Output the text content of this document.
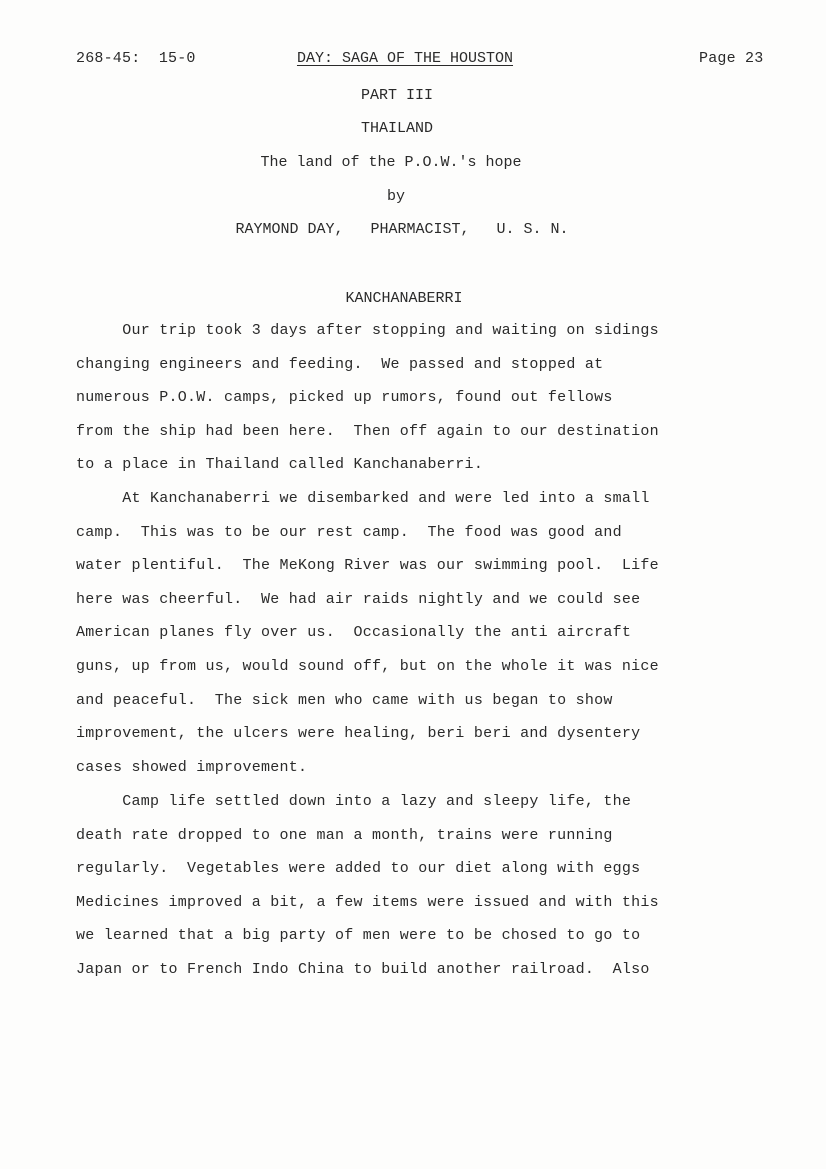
268-45:  15-0	DAY: SAGA OF THE HOUSTON	Page 23
PART III
THAILAND
The land of the P.O.W.'s hope
by
RAYMOND DAY,   PHARMACIST,   U. S. N.
KANCHANABERRI
Our trip took 3 days after stopping and waiting on sidings
changing engineers and feeding.  We passed and stopped at
numerous P.O.W. camps, picked up rumors, found out fellows
from the ship had been here.  Then off again to our destination
to a place in Thailand called Kanchanaberri.
At Kanchanaberri we disembarked and were led into a small
camp.  This was to be our rest camp.  The food was good and
water plentiful.  The MeKong River was our swimming pool.  Life
here was cheerful.  We had air raids nightly and we could see
American planes fly over us.  Occasionally the anti aircraft
guns, up from us, would sound off, but on the whole it was nice
and peaceful.  The sick men who came with us began to show
improvement, the ulcers were healing, beri beri and dysentery
cases showed improvement.
Camp life settled down into a lazy and sleepy life, the
death rate dropped to one man a month, trains were running
regularly.  Vegetables were added to our diet along with eggs
Medicines improved a bit, a few items were issued and with this
we learned that a big party of men were to be chosed to go to
Japan or to French Indo China to build another railroad.  Also
